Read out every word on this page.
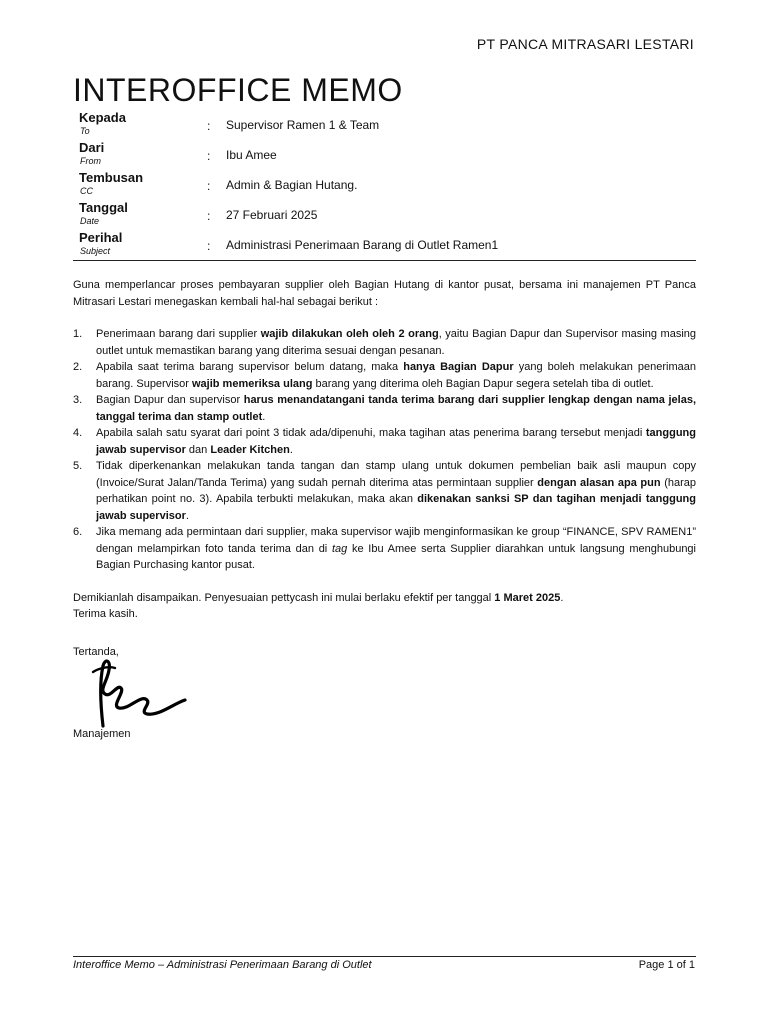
PT PANCA MITRASARI LESTARI
INTEROFFICE MEMO
Kepada
To	: Supervisor Ramen 1 & Team
Dari
From	: Ibu Amee
Tembusan
CC	: Admin & Bagian Hutang.
Tanggal
Date	: 27 Februari 2025
Perihal
Subject	: Administrasi Penerimaan Barang di Outlet Ramen1

Guna memperlancar proses pembayaran supplier oleh Bagian Hutang di kantor pusat, bersama ini manajemen PT Panca Mitrasari Lestari menegaskan kembali hal-hal sebagai berikut :

1. Penerimaan barang dari supplier wajib dilakukan oleh oleh 2 orang, yaitu Bagian Dapur dan Supervisor masing masing outlet untuk memastikan barang yang diterima sesuai dengan pesanan.
2. Apabila saat terima barang supervisor belum datang, maka hanya Bagian Dapur yang boleh melakukan penerimaan barang. Supervisor wajib memeriksa ulang barang yang diterima oleh Bagian Dapur segera setelah tiba di outlet.
3. Bagian Dapur dan supervisor harus menandatangani tanda terima barang dari supplier lengkap dengan nama jelas, tanggal terima dan stamp outlet.
4. Apabila salah satu syarat dari point 3 tidak ada/dipenuhi, maka tagihan atas penerima barang tersebut menjadi tanggung jawab supervisor dan Leader Kitchen.
5. Tidak diperkenankan melakukan tanda tangan dan stamp ulang untuk dokumen pembelian baik asli maupun copy (Invoice/Surat Jalan/Tanda Terima) yang sudah pernah diterima atas permintaan supplier dengan alasan apa pun (harap perhatikan point no. 3). Apabila terbukti melakukan, maka akan dikenakan sanksi SP dan tagihan menjadi tanggung jawab supervisor.
6. Jika memang ada permintaan dari supplier, maka supervisor wajib menginformasikan ke group “FINANCE, SPV RAMEN1” dengan melampirkan foto tanda terima dan di tag ke Ibu Amee serta Supplier diarahkan untuk langsung menghubungi Bagian Purchasing kantor pusat.

Demikianlah disampaikan. Penyesuaian pettycash ini mulai berlaku efektif per tanggal 1 Maret 2025.

Terima kasih.

Tertanda,
Manajemen
Interoffice Memo – Administrasi Penerimaan Barang di Outlet	Page 1 of 1
